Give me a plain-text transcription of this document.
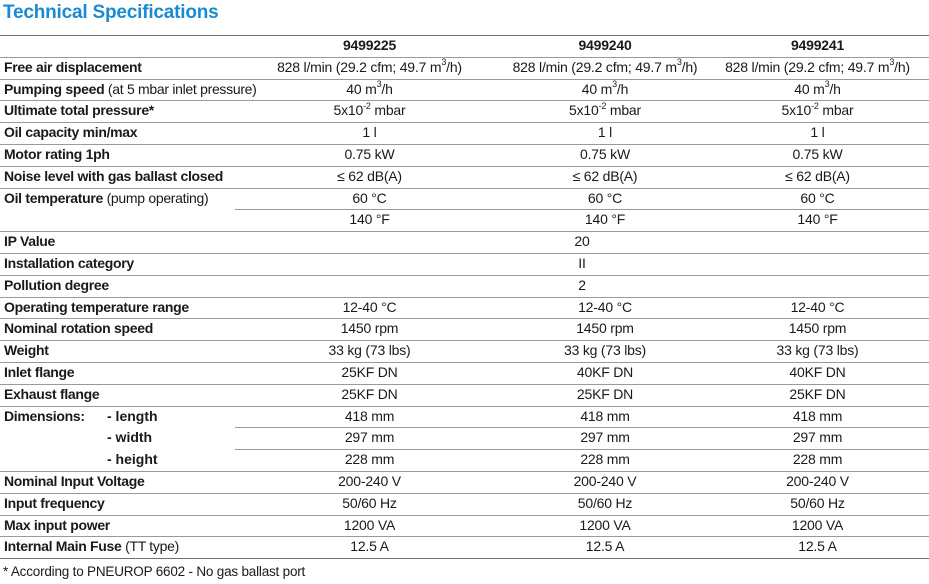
Technical Specifications
9499225	9499240	9499241
Free air displacement	828 l/min (29.2 cfm; 49.7 $m^3/h$)	828 l/min (29.2 cfm; 49.7 $m^3/h$)	828 l/min (29.2 cfm; 49.7 $m^3/h$)
Pumping speed (at 5 mbar inlet pressure)	40 $m^3/h$	40 $m^3/h$	40 $m^3/h$
Ultimate total pressure*	$5x10^{-2}$ mbar	$5x10^{-2}$ mbar	$5x10^{-2}$ mbar
Oil capacity min/max	1 l	1 l	1 l
Motor rating 1ph	0.75 kW	0.75 kW	0.75 kW
Noise level with gas ballast closed	≤ 62 dB(A)	≤ 62 dB(A)	≤ 62 dB(A)
Oil temperature (pump operating)	60 °C	60 °C	60 °C
140 °F	140 °F	140 °F
IP Value	20
Installation category	II
Pollution degree	2
Operating temperature range	12-40 °C	12-40 °C	12-40 °C
Nominal rotation speed	1450 rpm	1450 rpm	1450 rpm
Weight	33 kg (73 lbs)	33 kg (73 lbs)	33 kg (73 lbs)
Inlet flange	25KF DN	40KF DN	40KF DN
Exhaust flange	25KF DN	25KF DN	25KF DN
Dimensions: - length	418 mm	418 mm	418 mm
- width	297 mm	297 mm	297 mm
- height	228 mm	228 mm	228 mm
Nominal Input Voltage	200-240 V	200-240 V	200-240 V
Input frequency	50/60 Hz	50/60 Hz	50/60 Hz
Max input power	1200 VA	1200 VA	1200 VA
Internal Main Fuse (TT type)	12.5 A	12.5 A	12.5 A
* According to PNEUROP 6602 - No gas ballast port
